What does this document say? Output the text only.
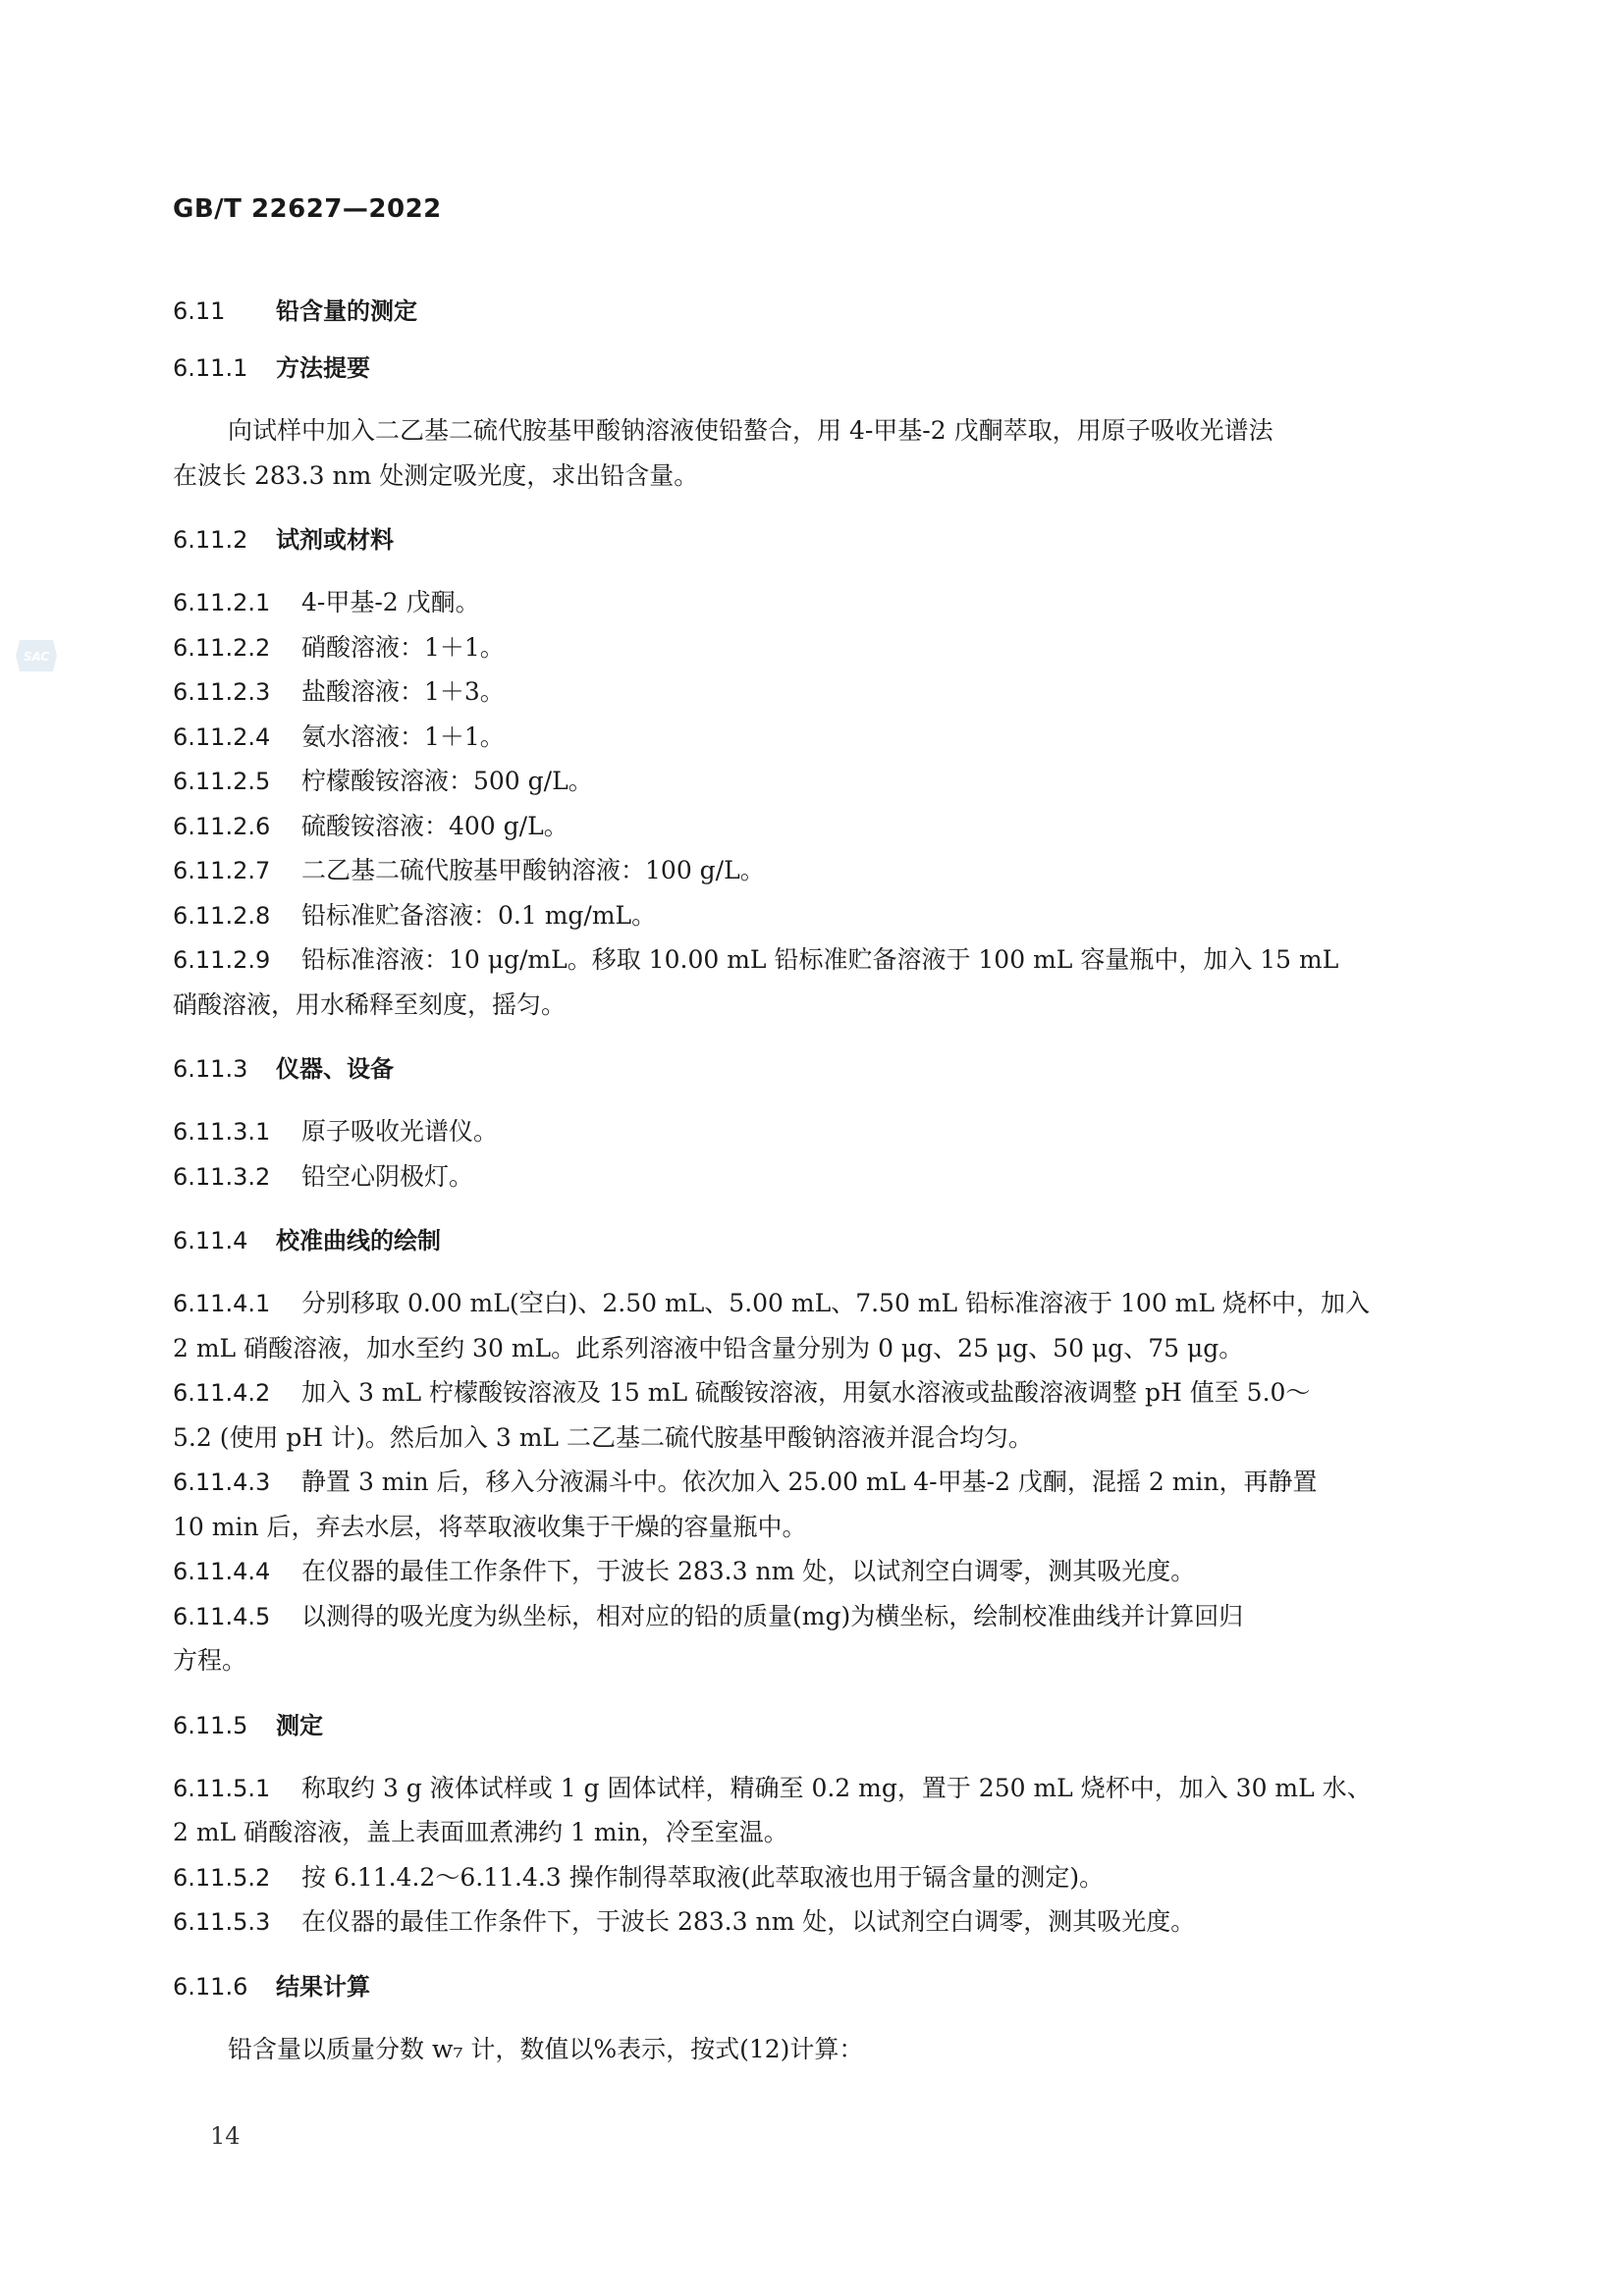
GB/T 22627—2022
SAC
6.11 铅含量的测定
6.11.1 方法提要
向试样中加入二乙基二硫代胺基甲酸钠溶液使铅螯合，用 4-甲基-2 戊酮萃取，用原子吸收光谱法
在波长 283.3 nm 处测定吸光度，求出铅含量。
6.11.2 试剂或材料
6.11.2.1 4-甲基-2 戊酮。
6.11.2.2 硝酸溶液：1＋1。
6.11.2.3 盐酸溶液：1＋3。
6.11.2.4 氨水溶液：1＋1。
6.11.2.5 柠檬酸铵溶液：500 g/L。
6.11.2.6 硫酸铵溶液：400 g/L。
6.11.2.7 二乙基二硫代胺基甲酸钠溶液：100 g/L。
6.11.2.8 铅标准贮备溶液：0.1 mg/mL。
6.11.2.9 铅标准溶液：10 μg/mL。移取 10.00 mL 铅标准贮备溶液于 100 mL 容量瓶中，加入 15 mL
硝酸溶液，用水稀释至刻度，摇匀。
6.11.3 仪器、设备
6.11.3.1 原子吸收光谱仪。
6.11.3.2 铅空心阴极灯。
6.11.4 校准曲线的绘制
6.11.4.1 分别移取 0.00 mL(空白)、2.50 mL、5.00 mL、7.50 mL 铅标准溶液于 100 mL 烧杯中，加入
2 mL 硝酸溶液，加水至约 30 mL。此系列溶液中铅含量分别为 0 μg、25 μg、50 μg、75 μg。
6.11.4.2 加入 3 mL 柠檬酸铵溶液及 15 mL 硫酸铵溶液，用氨水溶液或盐酸溶液调整 pH 值至 5.0～
5.2 (使用 pH 计)。然后加入 3 mL 二乙基二硫代胺基甲酸钠溶液并混合均匀。
6.11.4.3 静置 3 min 后，移入分液漏斗中。依次加入 25.00 mL 4-甲基-2 戊酮，混摇 2 min，再静置
10 min 后，弃去水层，将萃取液收集于干燥的容量瓶中。
6.11.4.4 在仪器的最佳工作条件下，于波长 283.3 nm 处，以试剂空白调零，测其吸光度。
6.11.4.5 以测得的吸光度为纵坐标，相对应的铅的质量(mg)为横坐标，绘制校准曲线并计算回归
方程。
6.11.5 测定
6.11.5.1 称取约 3 g 液体试样或 1 g 固体试样，精确至 0.2 mg，置于 250 mL 烧杯中，加入 30 mL 水、
2 mL 硝酸溶液，盖上表面皿煮沸约 1 min，冷至室温。
6.11.5.2 按 6.11.4.2～6.11.4.3 操作制得萃取液(此萃取液也用于镉含量的测定)。
6.11.5.3 在仪器的最佳工作条件下，于波长 283.3 nm 处，以试剂空白调零，测其吸光度。
6.11.6 结果计算
铅含量以质量分数 w₇ 计，数值以%表示，按式(12)计算：
14
